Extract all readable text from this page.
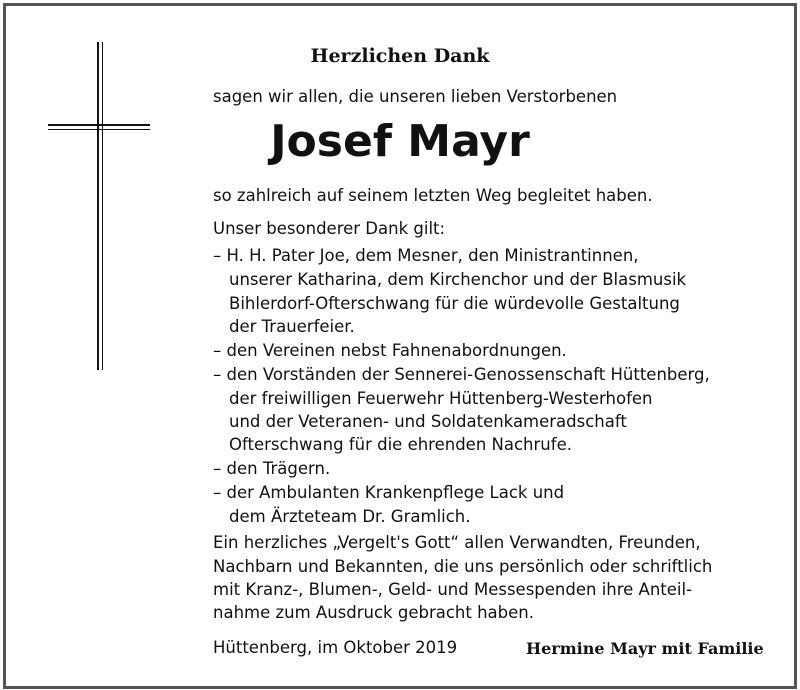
Herzlichen Dank
sagen wir allen, die unseren lieben Verstorbenen
Josef Mayr
so zahlreich auf seinem letzten Weg begleitet haben.
Unser besonderer Dank gilt:
– H. H. Pater Joe, dem Mesner, den Ministrantinnen,
unserer Katharina, dem Kirchenchor und der Blasmusik
Bihlerdorf-Ofterschwang für die würdevolle Gestaltung
der Trauerfeier.
– den Vereinen nebst Fahnenabordnungen.
– den Vorständen der Sennerei-Genossenschaft Hüttenberg,
der freiwilligen Feuerwehr Hüttenberg-Westerhofen
und der Veteranen- und Soldatenkameradschaft
Ofterschwang für die ehrenden Nachrufe.
– den Trägern.
– der Ambulanten Krankenpflege Lack und
dem Ärzteteam Dr. Gramlich.
Ein herzliches „Vergelt's Gott“ allen Verwandten, Freunden,
Nachbarn und Bekannten, die uns persönlich oder schriftlich
mit Kranz-, Blumen-, Geld- und Messespenden ihre Anteil-
nahme zum Ausdruck gebracht haben.
Hüttenberg, im Oktober 2019	Hermine Mayr mit Familie
